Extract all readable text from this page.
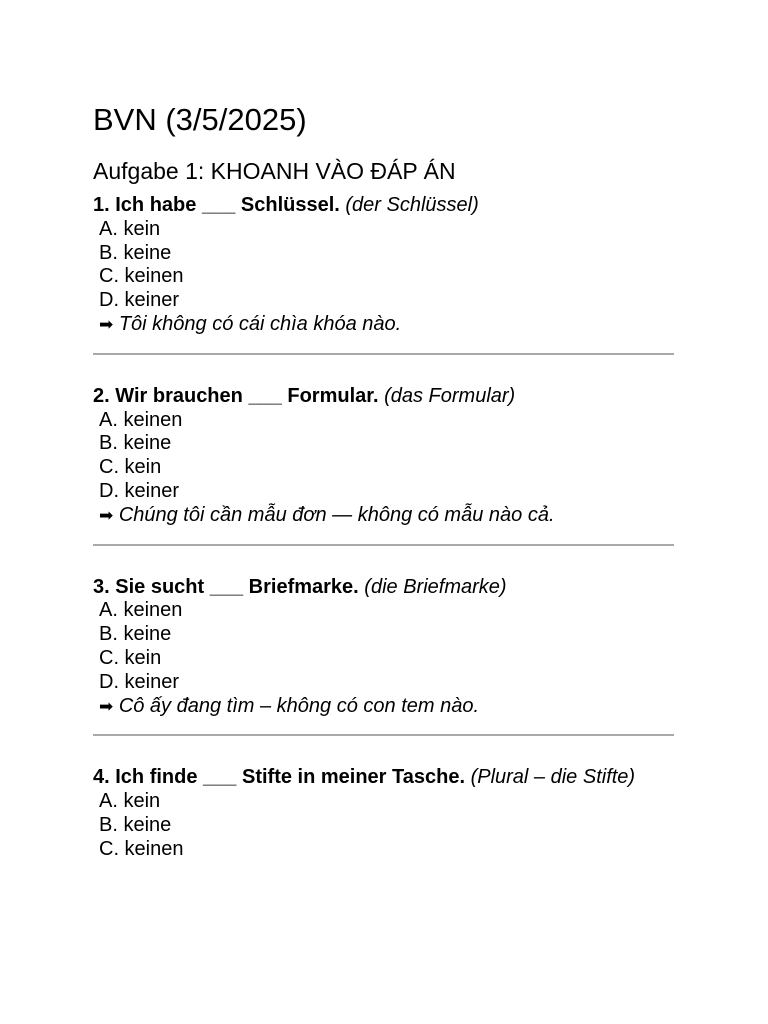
BVN (3/5/2025)
Aufgabe 1: KHOANH VÀO ĐÁP ÁN

1. Ich habe ___ Schlüssel. (der Schlüssel)

A. kein
B. keine
C. keinen
D. keiner
➡ Tôi không có cái chìa khóa nào.

2. Wir brauchen ___ Formular. (das Formular)

A. keinen
B. keine
C. kein
D. keiner
➡ Chúng tôi cần mẫu đơn — không có mẫu nào cả.

3. Sie sucht ___ Briefmarke. (die Briefmarke)

A. keinen
B. keine
C. kein
D. keiner
➡ Cô ấy đang tìm – không có con tem nào.

4. Ich finde ___ Stifte in meiner Tasche. (Plural – die Stifte)

A. kein
B. keine
C. keinen
